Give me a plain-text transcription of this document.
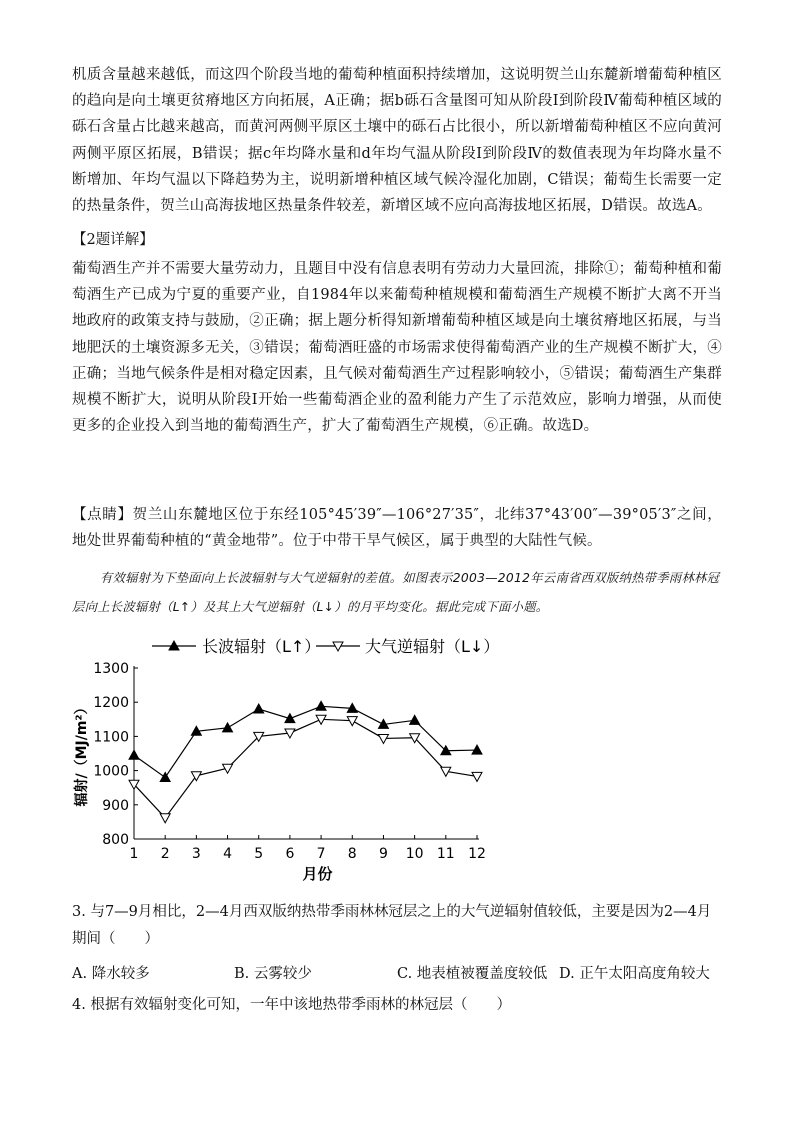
机质含量越来越低，而这四个阶段当地的葡萄种植面积持续增加，这说明贺兰山东麓新增葡萄种植区的趋向是向土壤更贫瘠地区方向拓展，A正确；据b砾石含量图可知从阶段Ⅰ到阶段Ⅳ葡萄种植区域的砾石含量占比越来越高，而黄河两侧平原区土壤中的砾石占比很小，所以新增葡萄种植区不应向黄河两侧平原区拓展，B错误；据c年均降水量和d年均气温从阶段Ⅰ到阶段Ⅳ的数值表现为年均降水量不断增加、年均气温以下降趋势为主，说明新增种植区域气候冷湿化加剧，C错误；葡萄生长需要一定的热量条件，贺兰山高海拔地区热量条件较差，新增区域不应向高海拔地区拓展，D错误。故选A。

【2题详解】

葡萄酒生产并不需要大量劳动力，且题目中没有信息表明有劳动力大量回流，排除①；葡萄种植和葡萄酒生产已成为宁夏的重要产业，自1984年以来葡萄种植规模和葡萄酒生产规模不断扩大离不开当地政府的政策支持与鼓励，②正确；据上题分析得知新增葡萄种植区域是向土壤贫瘠地区拓展，与当地肥沃的土壤资源多无关，③错误；葡萄酒旺盛的市场需求使得葡萄酒产业的生产规模不断扩大，④正确；当地气候条件是相对稳定因素，且气候对葡萄酒生产过程影响较小，⑤错误；葡萄酒生产集群规模不断扩大，说明从阶段Ⅰ开始一些葡萄酒企业的盈利能力产生了示范效应，影响力增强，从而使更多的企业投入到当地的葡萄酒生产，扩大了葡萄酒生产规模，⑥正确。故选D。

【点睛】贺兰山东麓地区位于东经105°45′39″—106°27′35″，北纬37°43′00″—39°05′3″之间，地处世界葡萄种植的“黄金地带”。位于中带干旱气候区，属于典型的大陆性气候。

有效辐射为下垫面向上长波辐射与大气逆辐射的差值。如图表示2003—2012年云南省西双版纳热带季雨林林冠层向上长波辐射（L↑）及其上大气逆辐射（L↓）的月平均变化。据此完成下面小题。

800
900
1000
1100
1200
1300
1 2 3 4 5 6 7 8 9 10 11 12
月份
辐射/（MJ/m²）
长波辐射（L↑）	大气逆辐射（L↓）

3. 与7—9月相比，2—4月西双版纳热带季雨林林冠层之上的大气逆辐射值较低，主要是因为2—4月期间（　　）

A. 降水较多	B. 云雾较少	C. 地表植被覆盖度较低 D. 正午太阳高度角较大

4. 根据有效辐射变化可知，一年中该地热带季雨林的林冠层（　　）
